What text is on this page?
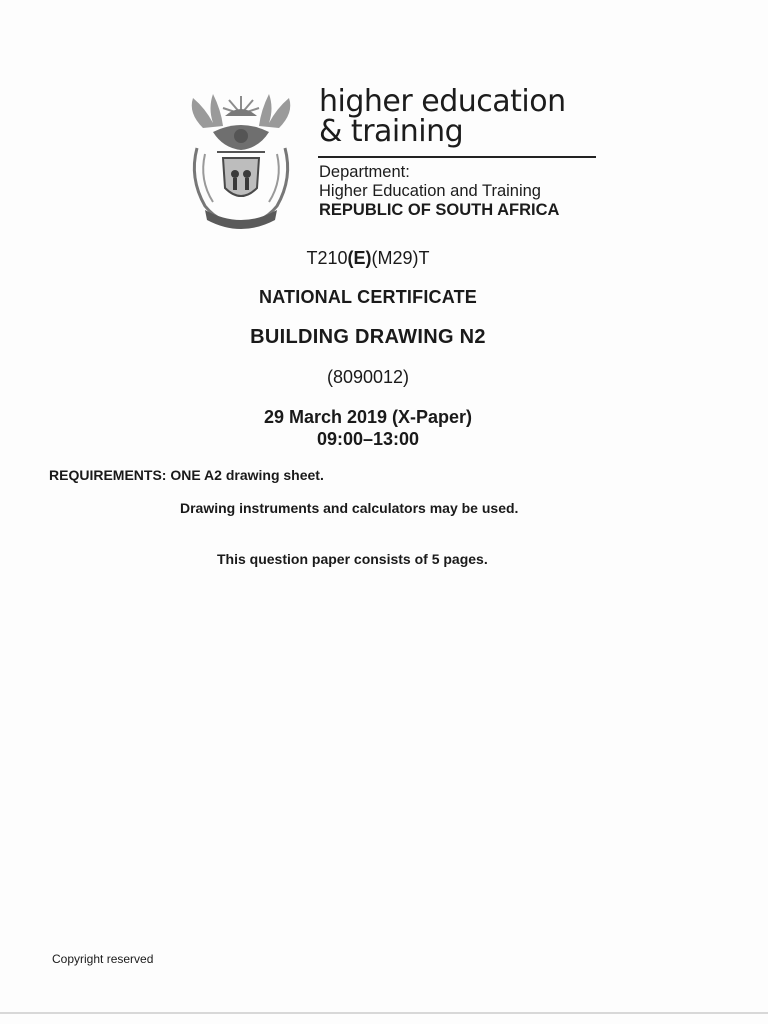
higher education
& training
Department:
Higher Education and Training
REPUBLIC OF SOUTH AFRICA
T210(E)(M29)T
NATIONAL CERTIFICATE
BUILDING DRAWING N2
(8090012)
29 March 2019 (X-Paper)
09:00–13:00
REQUIREMENTS: ONE A2 drawing sheet.
Drawing instruments and calculators may be used.
This question paper consists of 5 pages.
Copyright reserved
